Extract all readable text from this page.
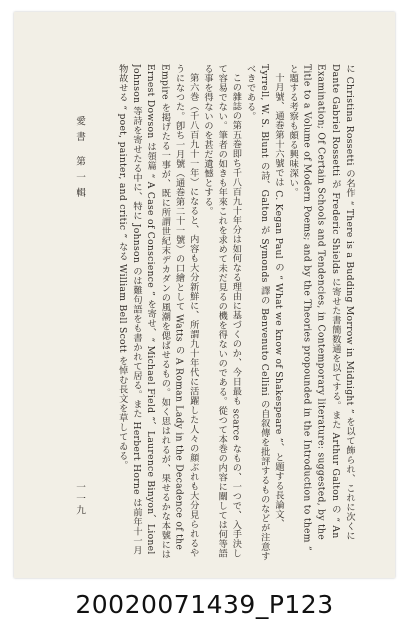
に Christina Rossetti の名作 “ There is a Budding Morrow in Midnight ” を以て飾られ、これに次くに Dante Gabriel Rossetti が Frederic Shields に寄せた書簡数通を以てする。また Arthur Galton の “ An Examination; Of Certain Schools and Tendencies, in Contemporary literature: suggested, by the Title to a Volume of Modern Poems; and by the Theories propounded in the Introduction to them ” と題する考察も頗る興味深い。

十月號、通巻第十六號では C. Kegan Paul の “ What we know of Shakespeare ”、と題する長論文、Tyrrell, W. S. Blunt の詩、Galton が Symonds 譯の Benvenuto Cellini の自叙傳を批評するものなどが注意すべきである。

この雜誌の第五巻即ち千八百九十年分は如何なる理由に基づくのか、今日最も scarce なもの、一つで、入手決して容易でない。筆者の如きも年來これを求めて未だ見るの機を得ないのである。從つて本巻の内容に關しては何等語る事を得ないのを甚だ遺憾とする。

第六巻（千八百九十一年）になると、内容も大分新鮮に、所謂九十年代に活躍した人々の顔ぶれも大分見られるやうになつた。卽ち一月號（通巻第二十一號）の口繪として Watts の A Roman Lady in the Decadence of the Empire を掲げたる一事が、既に所謂世紀末デカダンの風潮を偲ばせるもの。如く思はれるが、果せるかな本號には Ernest Dowson は領篇 “ A Case of Conscience ” を寄せ、“ Michael Field ”、Laurence Binyon、Lionel Johnson 等詩を寄せたる中に、特に Johnson のは難句語をも書かれて居る。また Herbert Horne は前年十一月物故せる “ poet, painter, and critic ” なる William Bell Scott を悼む長文を草してゐる。

愛書 第一輯
一一九
20020071439_P123
